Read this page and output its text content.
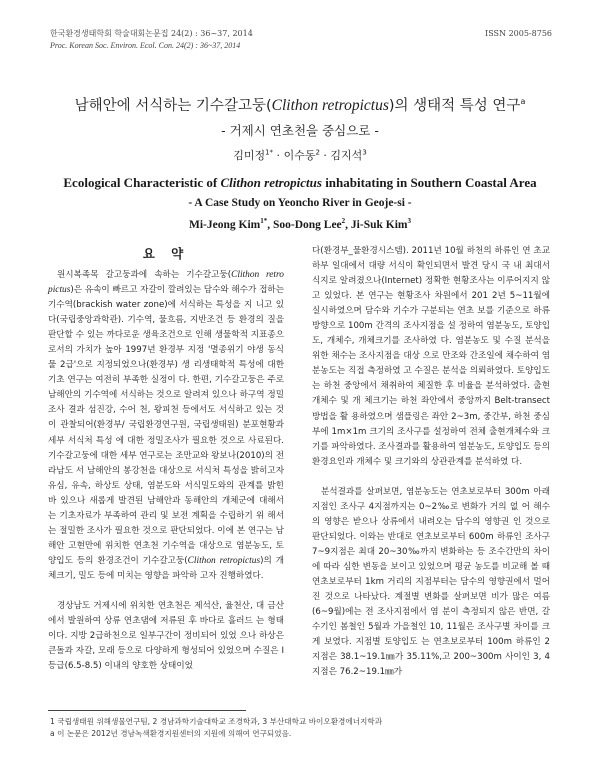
한국환경생태학회 학술대회논문집 24(2) : 36~37, 2014
Proc. Korean Soc. Environ. Ecol. Con. 24(2) : 36~37, 2014
ISSN 2005-8756
남해안에 서식하는 기수갈고둥(Clithon retropictus)의 생태적 특성 연구$^a$
- 거제시 연초천을 중심으로 -
김미정$^{1*}$ · 이수동$^2$ · 김지석$^3$
Ecological Characteristic of Clithon retropictus inhabitating in Southern Coastal Area
- A Case Study on Yeoncho River in Geoje-si -
Mi-Jeong Kim$^{1*}$, Soo-Dong Lee$^2$, Ji-Suk Kim$^3$
요 약

원시복족목 갈고둥과에 속하는 기수갈고둥(Clithon retro pictus)은 유속이 빠르고 자갈이 깔려있는 담수와 해수가 접하는 기수역(brackish water zone)에 서식하는 특성을 지 니고 있다(국립중앙과학관). 기수역, 물흐름, 지반조건 등 환경의 질을 판단할 수 있는 까다로운 생육조건으로 인해 생물학적 지표종으로서의 가치가 높아 1997년 환경부 지정 '멸종위기 야생 동식물 2급'으로 지정되었으나(환경부) 생 리생태학적 특성에 대한 기초 연구는 여전히 부족한 실정이 다. 한편, 기수갈고둥은 주로 남해안의 기수역에 서식하는 것으로 알려져 있으나 하구역 정밀조사 결과 섬진강, 수어 천, 왕피천 등에서도 서식하고 있는 것이 관찰되어(환경부/ 국립환경연구원, 국립생태원) 분포현황과 세부 서식처 특성 에 대한 정밀조사가 필요한 것으로 사료된다. 기수갈고둥에 대한 세부 연구로는 조만교와 왕보나(2010)의 전라남도 서 남해안의 봉강천을 대상으로 서식처 특성을 밝히고자 유심, 유속, 하상토 상태, 염분도와 서식밀도와의 관계를 밝힌 바 있으나 새롭게 발견된 남해안과 동해안의 개체군에 대해서 는 기초자료가 부족하여 관리 및 보전 계획을 수립하기 위 해서는 절밀한 조사가 필요한 것으로 판단되었다. 이에 본 연구는 남해안 고현만에 위치한 연초천 기수역을 대상으로 염분농도, 토양입도 등의 환경조건이 기수갈고둥(Clithon retropictus)의 개체크기, 밀도 등에 미치는 영향을 파악하 고자 진행하였다.

경상남도 거제시에 위치한 연초천은 제석산, 율천산, 대 금산에서 발원하여 상류 연초댐에 저류된 후 바다로 흘러드 는 형태이다. 지방 2급하천으로 일부구간이 정비되어 있었 으나 하상은 큰돌과 자갈, 모래 등으로 다양하게 형성되어 있었으며 수질은 Ⅰ등급(6.5-8.5) 이내의 양호한 상태이었

다(환경부_물환경시스템). 2011년 10월 하천의 하류인 연 초교 하부 일대에서 대량 서식이 확인되면서 발견 당시 국 내 최대서식지로 알려졌으나(Internet) 정확한 현황조사는 이루어지지 않고 있었다. 본 연구는 현황조사 차원에서 201 2년 5~11월에 실시하였으며 담수와 기수가 구분되는 연초 보를 기준으로 하류 방향으로 100m 간격의 조사지점을 설 정하여 염분농도, 토양입도, 개체수, 개체크기를 조사하였 다. 염분농도 및 수질 분석을 위한 채수는 조사지점을 대상 으로 만조와 간조일에 채수하여 염분농도는 직접 측정하였 고 수질은 분석을 의뢰하였다. 토양입도는 하천 중앙에서 채취하여 체질한 후 비율을 분석하였다. 출현 개체수 및 개 체크기는 하천 좌안에서 중앙까지 Belt-transect 방법을 활 용하였으며 샘플링은 좌안 2~3m, 중간부, 하천 중심부에 1m×1m 크기의 조사구를 설정하여 전체 출현개체수와 크 기를 파악하였다. 조사결과를 활용하여 염분농도, 토양입도 등의 환경요인과 개체수 및 크기와의 상관관계를 분석하였 다.

분석결과를 살펴보면, 염분농도는 연초보로부터 300m 아래지점인 조사구 4지점까지는 0~2‰로 변화가 거의 없 어 해수의 영향은 받으나 상류에서 내려오는 담수의 영향권 인 것으로 판단되었다. 이와는 반대로 연초보로부터 600m 하류인 조사구 7~9지점은 최대 20~30‰까지 변화하는 등 조수간만의 차이에 따라 심한 변동을 보이고 있었으며 평균 농도를 비교해 볼 때 연초보로부터 1km 거리의 지점부터는 담수의 영향권에서 멀어진 것으로 나타났다. 계절별 변화를 살펴보면 비가 많은 여름(6~9월)에는 전 조사지점에서 염 분이 측정되지 않은 반면, 갈수기인 봄철인 5월과 가을철인 10, 11월은 조사구별 차이를 크게 보였다. 지점별 토양입도 는 연초보로부터 100m 하류인 2 지점은 38.1~19.1㎜가 35.11%,고 200~300m 사이인 3, 4 지점은 76.2~19.1㎜가

1 국립생태원 위해생물연구팀, 2 경남과학기술대학교 조경학과, 3 부산대학교 바이오환경에너지학과
a 이 논문은 2012년 경남녹색환경지원센터의 지원에 의해여 연구되었음.
